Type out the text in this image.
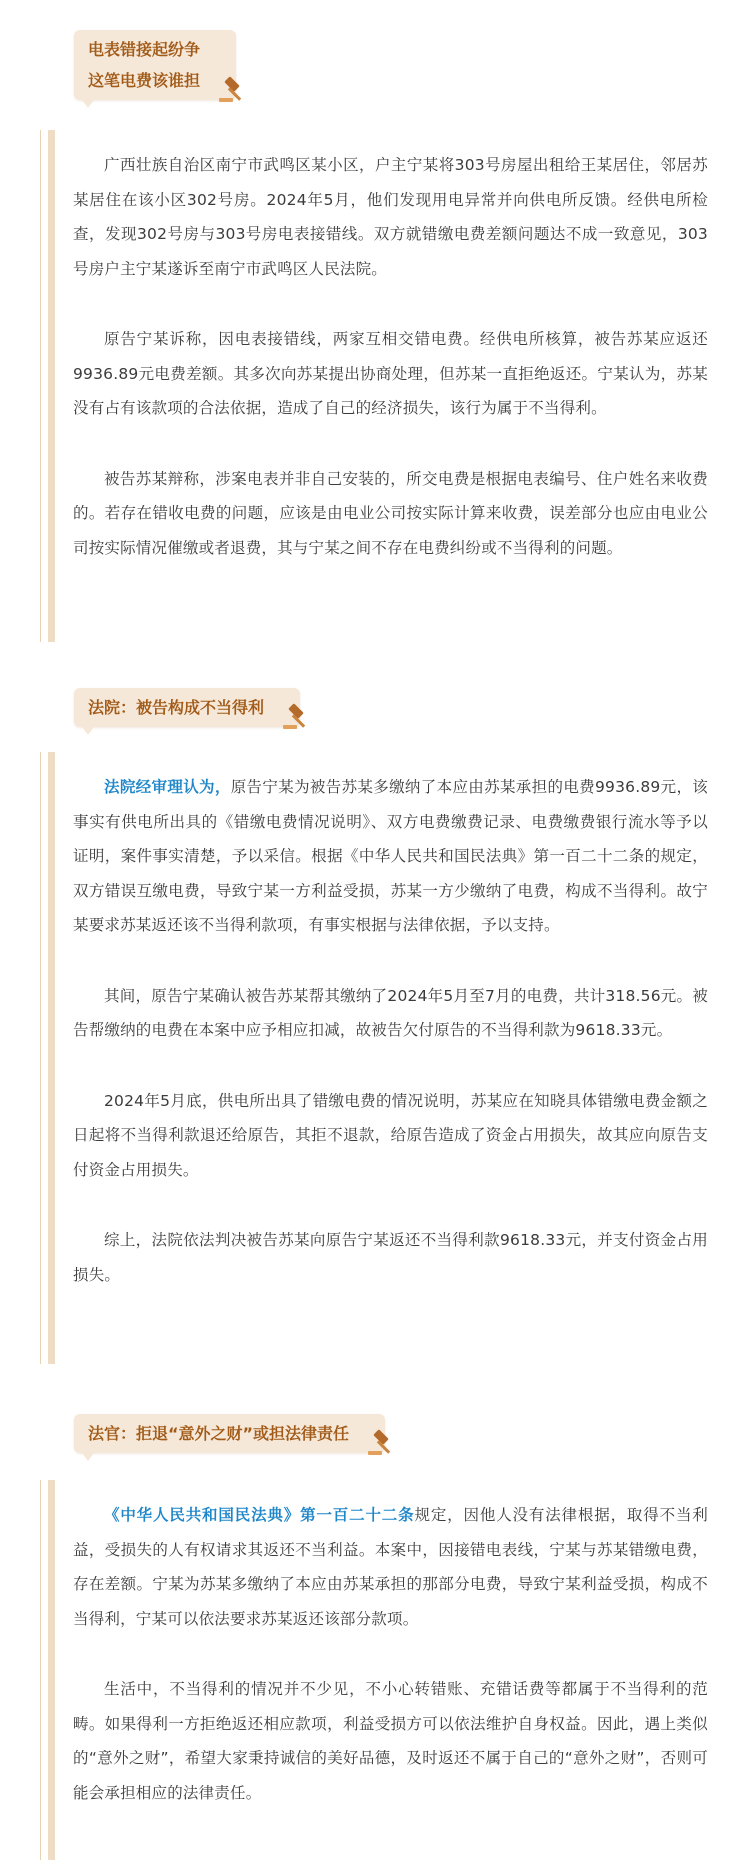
电表错接起纷争
这笔电费该谁担

广西壮族自治区南宁市武鸣区某小区，户主宁某将303号房屋出租给王某居住，邻居苏某居住在该小区302号房。2024年5月，他们发现用电异常并向供电所反馈。经供电所检查，发现302号房与303号房电表接错线。双方就错缴电费差额问题达不成一致意见，303号房户主宁某遂诉至南宁市武鸣区人民法院。

原告宁某诉称，因电表接错线，两家互相交错电费。经供电所核算，被告苏某应返还9936.89元电费差额。其多次向苏某提出协商处理，但苏某一直拒绝返还。宁某认为，苏某没有占有该款项的合法依据，造成了自己的经济损失，该行为属于不当得利。

被告苏某辩称，涉案电表并非自己安装的，所交电费是根据电表编号、住户姓名来收费的。若存在错收电费的问题，应该是由电业公司按实际计算来收费，误差部分也应由电业公司按实际情况催缴或者退费，其与宁某之间不存在电费纠纷或不当得利的问题。

法院：被告构成不当得利

法院经审理认为，原告宁某为被告苏某多缴纳了本应由苏某承担的电费9936.89元，该事实有供电所出具的《错缴电费情况说明》、双方电费缴费记录、电费缴费银行流水等予以证明，案件事实清楚，予以采信。根据《中华人民共和国民法典》第一百二十二条的规定，双方错误互缴电费，导致宁某一方利益受损，苏某一方少缴纳了电费，构成不当得利。故宁某要求苏某返还该不当得利款项，有事实根据与法律依据，予以支持。

其间，原告宁某确认被告苏某帮其缴纳了2024年5月至7月的电费，共计318.56元。被告帮缴纳的电费在本案中应予相应扣减，故被告欠付原告的不当得利款为9618.33元。

2024年5月底，供电所出具了错缴电费的情况说明，苏某应在知晓具体错缴电费金额之日起将不当得利款退还给原告，其拒不退款，给原告造成了资金占用损失，故其应向原告支付资金占用损失。

综上，法院依法判决被告苏某向原告宁某返还不当得利款9618.33元，并支付资金占用损失。

法官：拒退“意外之财”或担法律责任

《中华人民共和国民法典》第一百二十二条规定，因他人没有法律根据，取得不当利益，受损失的人有权请求其返还不当利益。本案中，因接错电表线，宁某与苏某错缴电费，存在差额。宁某为苏某多缴纳了本应由苏某承担的那部分电费，导致宁某利益受损，构成不当得利，宁某可以依法要求苏某返还该部分款项。

生活中，不当得利的情况并不少见，不小心转错账、充错话费等都属于不当得利的范畴。如果得利一方拒绝返还相应款项，利益受损方可以依法维护自身权益。因此，遇上类似的“意外之财”，希望大家秉持诚信的美好品德，及时返还不属于自己的“意外之财”，否则可能会承担相应的法律责任。
